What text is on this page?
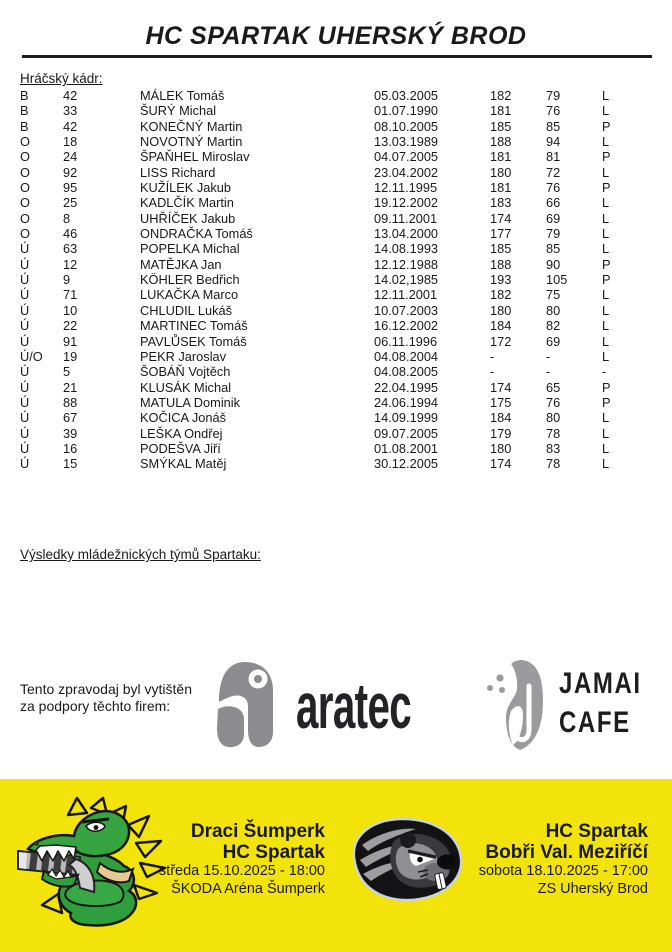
HC SPARTAK UHERSKÝ BROD
Hráčský kádr:
B	42	MÁLEK Tomáš	05.03.2005	182	79	L
B	33	ŠURÝ Michal	01.07.1990	181	76	L
B	42	KONEČNÝ Martin	08.10.2005	185	85	P
O	18	NOVOTNÝ Martin	13.03.1989	188	94	L
O	24	ŠPAŇHEL Miroslav	04.07.2005	181	81	P
O	92	LISS Richard	23.04.2002	180	72	L
O	95	KUŽÍLEK Jakub	12.11.1995	181	76	P
O	25	KADLČÍK Martin	19.12.2002	183	66	L
O	8	UHŘÍČEK Jakub	09.11.2001	174	69	L
O	46	ONDRAČKA Tomáš	13.04.2000	177	79	L
Ú	63	POPELKA Michal	14.08.1993	185	85	L
Ú	12	MATĚJKA Jan	12.12.1988	188	90	P
Ú	9	KÖHLER Bedřich	14.02,1985	193	105	P
Ú	71	LUKAČKA Marco	12.11.2001	182	75	L
Ú	10	CHLUDIL Lukáš	10.07.2003	180	80	L
Ú	22	MARTINEC Tomáš	16.12.2002	184	82	L
Ú	91	PAVLŮSEK Tomáš	06.11.1996	172	69	L
Ú/O	19	PEKR Jaroslav	04.08.2004	-	-	L
Ú	5	ŠOBÁŇ Vojtěch	04.08.2005	-	-	-
Ú	21	KLUSÁK Michal	22.04.1995	174	65	P
Ú	88	MATULA Dominik	24.06.1994	175	76	P
Ú	67	KOČICA Jonáš	14.09.1999	184	80	L
Ú	39	LEŠKA Ondřej	09.07.2005	179	78	L
Ú	16	PODEŠVA Jiří	01.08.2001	180	83	L
Ú	15	SMÝKAL Matěj	30.12.2005	174	78	L
Výsledky mládežnických týmů Spartaku:
Tento zpravodaj byl vytištěn za podpory těchto firem:	aratec	JAMAI
CAFE
Draci Šumperk
HC Spartak
středa 15.10.2025 - 18:00
ŠKODA Aréna Šumperk
HC Spartak
Bobři Val. Meziříčí
sobota 18.10.2025 - 17:00
ZS Uherský Brod
